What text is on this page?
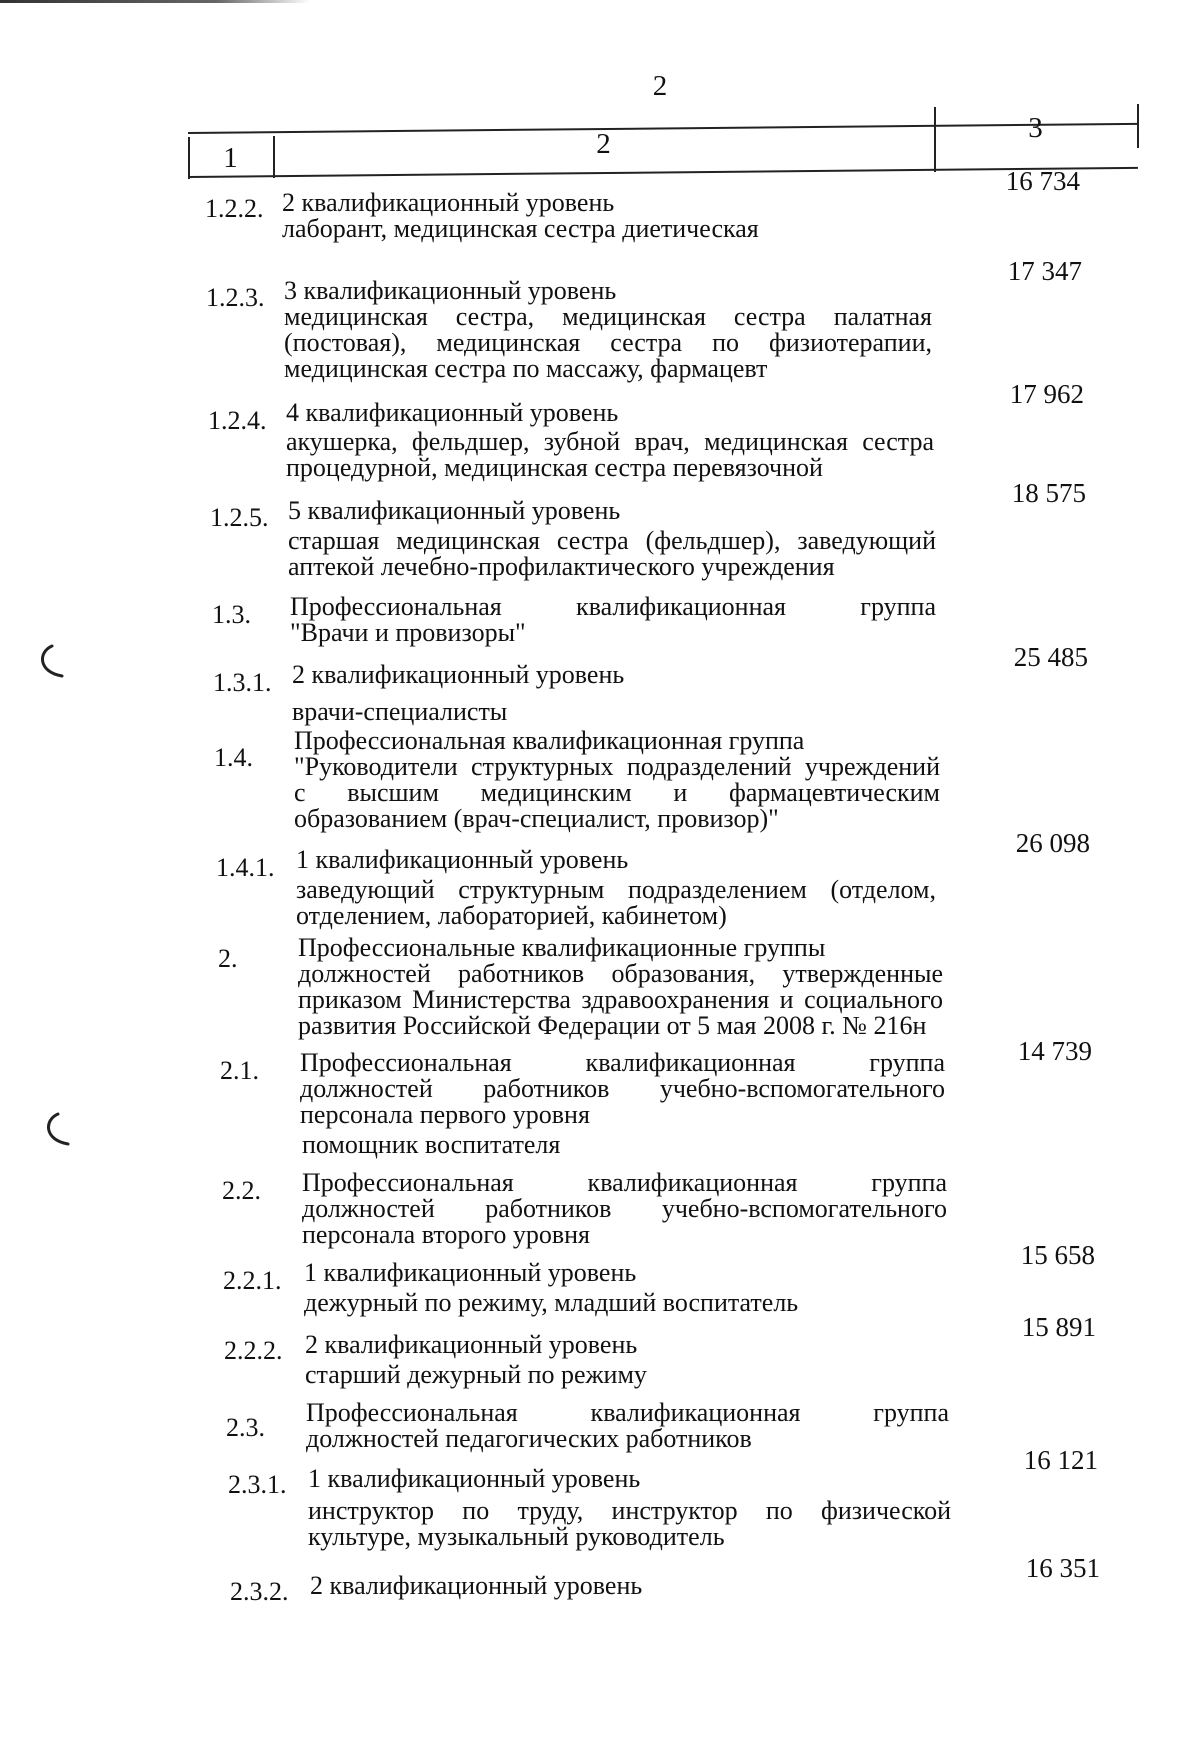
2
1	2	3
1.2.2. 2 квалификационный уровень
16 734
лаборант, медицинская сестра диетическая
1.2.3. 3 квалификационный уровень
17 347
медицинская сестра, медицинская сестра палатная
(постовая), медицинская сестра по физиотерапии,
медицинская сестра по массажу, фармацевт
1.2.4. 4 квалификационный уровень
17 962
акушерка, фельдшер, зубной врач, медицинская сестра
процедурной, медицинская сестра перевязочной
1.2.5. 5 квалификационный уровень
18 575
старшая медицинская сестра (фельдшер), заведующий
аптекой лечебно-профилактического учреждения
1.3. Профессиональная квалификационная группа
"Врачи и провизоры"
1.3.1. 2 квалификационный уровень
25 485
врачи-специалисты
1.4.
Профессиональная квалификационная группа
"Руководители структурных подразделений учреждений
с высшим медицинским и фармацевтическим
образованием (врач-специалист, провизор)"
1.4.1. 1 квалификационный уровень
26 098
заведующий структурным подразделением (отделом,
отделением, лабораторией, кабинетом)
2. Профессиональные квалификационные группы
должностей работников образования, утвержденные
приказом Министерства здравоохранения и социального
развития Российской Федерации от 5 мая 2008 г. № 216н
2.1.
14 739
Профессиональная квалификационная группа
должностей работников учебно-вспомогательного
персонала первого уровня
помощник воспитателя
2.2. Профессиональная квалификационная группа
должностей работников учебно-вспомогательного
персонала второго уровня
2.2.1. 1 квалификационный уровень
15 658
дежурный по режиму, младший воспитатель
2.2.2. 2 квалификационный уровень
15 891
старший дежурный по режиму
2.3.
Профессиональная квалификационная группа
должностей педагогических работников
2.3.1. 1 квалификационный уровень
16 121
инструктор по труду, инструктор по физической
культуре, музыкальный руководитель
2.3.2. 2 квалификационный уровень
16 351
